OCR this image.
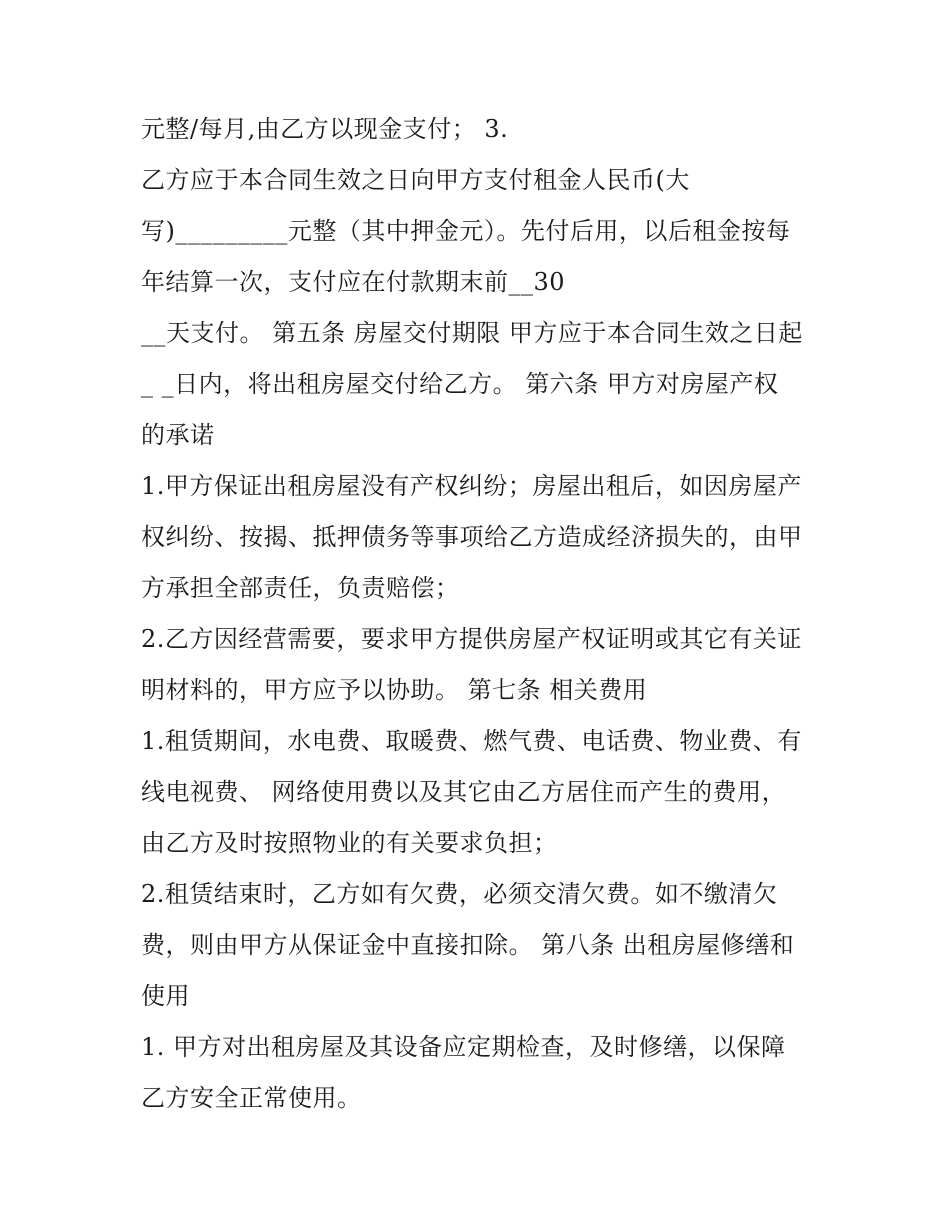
元整/每月,由乙方以现金支付； 3.

乙方应于本合同生效之日向甲方支付租金人民币(大

写)_________元整（其中押金元）。先付后用，以后租金按每

年结算一次，支付应在付款期末前__30

__天支付。 第五条 房屋交付期限 甲方应于本合同生效之日起

_ _日内，将出租房屋交付给乙方。 第六条 甲方对房屋产权

的承诺

1.甲方保证出租房屋没有产权纠纷；房屋出租后，如因房屋产

权纠纷、按揭、抵押债务等事项给乙方造成经济损失的，由甲

方承担全部责任，负责赔偿；

2.乙方因经营需要，要求甲方提供房屋产权证明或其它有关证

明材料的，甲方应予以协助。 第七条 相关费用

1.租赁期间，水电费、取暖费、燃气费、电话费、物业费、有

线电视费、 网络使用费以及其它由乙方居住而产生的费用，

由乙方及时按照物业的有关要求负担；

2.租赁结束时，乙方如有欠费，必须交清欠费。如不缴清欠

费，则由甲方从保证金中直接扣除。 第八条 出租房屋修缮和

使用

1. 甲方对出租房屋及其设备应定期检查，及时修缮，以保障

乙方安全正常使用。
